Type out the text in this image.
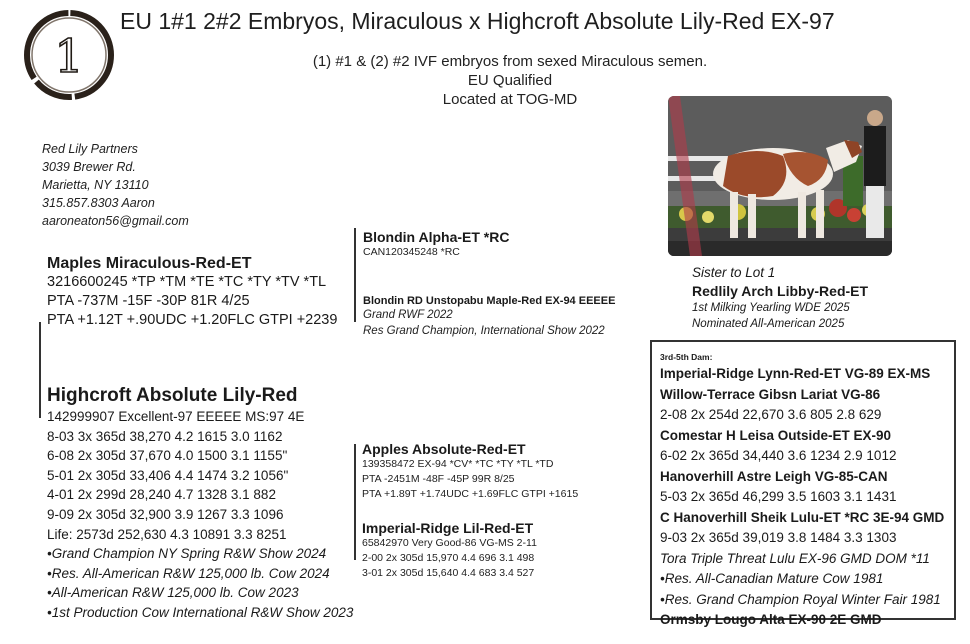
1
EU 1#1 2#2 Embryos, Miraculous x Highcroft Absolute Lily-Red EX-97
(1) #1 & (2) #2 IVF embryos from sexed Miraculous semen.
EU Qualified
Located at TOG-MD
Red Lily Partners
3039 Brewer Rd.
Marietta, NY 13110
315.857.8303 Aaron
aaroneaton56@gmail.com
Maples Miraculous-Red-ET
3216600245 *TP *TM *TE *TC *TY *TV *TL
PTA -737M -15F -30P 81R 4/25
PTA +1.12T +.90UDC +1.20FLC GTPI +2239
Highcroft Absolute Lily-Red
142999907 Excellent-97 EEEEE MS:97 4E
8-03 3x 365d 38,270 4.2 1615 3.0 1162
6-08 2x 305d 37,670 4.0 1500 3.1 1155"
5-01 2x 305d 33,406 4.4 1474 3.2 1056"
4-01 2x 299d 28,240 4.7 1328 3.1 882
9-09 2x 305d 32,900 3.9 1267 3.3 1096
Life: 2573d 252,630 4.3 10891 3.3 8251
•Grand Champion NY Spring R&W Show 2024
•Res. All-American R&W 125,000 lb. Cow 2024
•All-American R&W 125,000 lb. Cow 2023
•1st Production Cow International R&W Show 2023
Blondin Alpha-ET *RC
CAN120345248 *RC
Blondin RD Unstopabu Maple-Red EX-94 EEEEE
Grand RWF 2022
Res Grand Champion, International Show 2022
Apples Absolute-Red-ET
139358472 EX-94 *CV* *TC *TY *TL *TD
PTA -2451M -48F -45P 99R 8/25
PTA +1.89T +1.74UDC +1.69FLC GTPI +1615
Imperial-Ridge Lil-Red-ET
65842970 Very Good-86 VG-MS 2-11
2-00 2x 305d 15,970 4.4 696 3.1 498
3-01 2x 305d 15,640 4.4 683 3.4 527
Sister to Lot 1
Redlily Arch Libby-Red-ET
1st Milking Yearling WDE 2025
Nominated All-American 2025
3rd-5th Dam:
Imperial-Ridge Lynn-Red-ET VG-89 EX-MS
Willow-Terrace Gibsn Lariat VG-86
2-08 2x 254d 22,670 3.6 805 2.8 629
Comestar H Leisa Outside-ET EX-90
6-02 2x 365d 34,440 3.6 1234 2.9 1012
Hanoverhill Astre Leigh VG-85-CAN
5-03 2x 365d 46,299 3.5 1603 3.1 1431
C Hanoverhill Sheik Lulu-ET *RC 3E-94 GMD
9-03 2x 365d 39,019 3.8 1484 3.3 1303
Tora Triple Threat Lulu EX-96 GMD DOM *11
•Res. All-Canadian Mature Cow 1981
•Res. Grand Champion Royal Winter Fair 1981
Ormsby Lougo Alta EX-90 2E GMD
